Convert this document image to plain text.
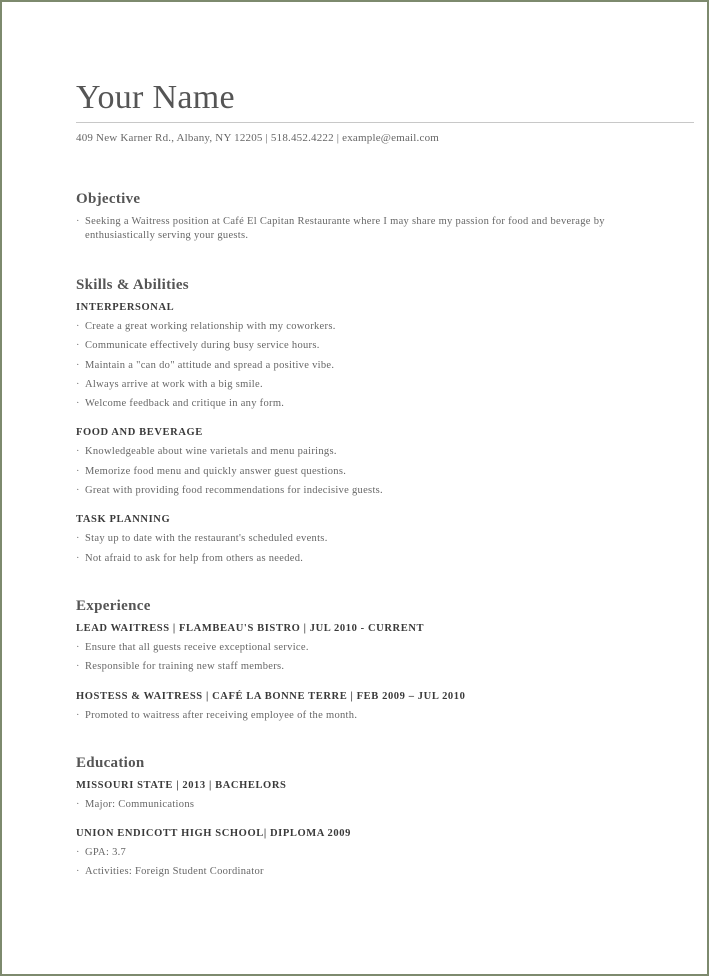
Your Name
409 New Karner Rd., Albany, NY 12205 | 518.452.4222 | example@email.com
Objective
· Seeking a Waitress position at Café El Capitan Restaurante where I may share my passion for food and beverage by enthusiastically serving your guests.
Skills & Abilities
INTERPERSONAL
· Create a great working relationship with my coworkers.
· Communicate effectively during busy service hours.
· Maintain a "can do" attitude and spread a positive vibe.
· Always arrive at work with a big smile.
· Welcome feedback and critique in any form.
FOOD AND BEVERAGE
· Knowledgeable about wine varietals and menu pairings.
· Memorize food menu and quickly answer guest questions.
· Great with providing food recommendations for indecisive guests.
TASK PLANNING
· Stay up to date with the restaurant's scheduled events.
· Not afraid to ask for help from others as needed.
Experience
LEAD WAITRESS | FLAMBEAU'S BISTRO | JUL 2010 - CURRENT
· Ensure that all guests receive exceptional service.
· Responsible for training new staff members.
HOSTESS & WAITRESS | CAFÉ LA BONNE TERRE | FEB 2009 – JUL 2010
· Promoted to waitress after receiving employee of the month.
Education
MISSOURI STATE | 2013 | BACHELORS
· Major: Communications
UNION ENDICOTT HIGH SCHOOL| DIPLOMA 2009
· GPA: 3.7
· Activities: Foreign Student Coordinator
